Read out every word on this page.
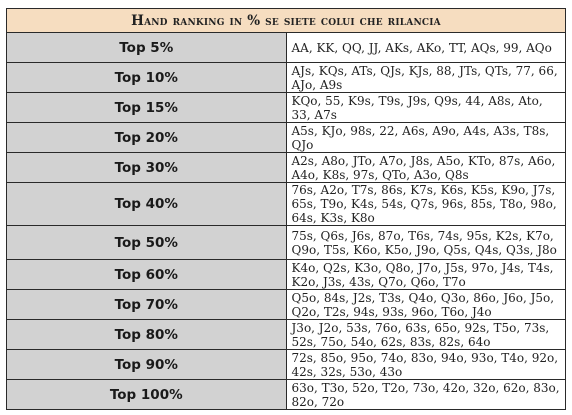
Hand ranking in % se siete colui che rilancia	
Top 5%	AA, KK, QQ, JJ, AKs, AKo, TT, AQs, 99, AQo
Top 10%	AJs, KQs, ATs, QJs, KJs, 88, JTs, QTs, 77, 66, AJo, A9s
Top 15%	KQo, 55, K9s, T9s, J9s, Q9s, 44, A8s, Ato, 33, A7s
Top 20%	A5s, KJo, 98s, 22, A6s, A9o, A4s, A3s, T8s, QJo
Top 30%	A2s, A8o, JTo, A7o, J8s, A5o, KTo, 87s, A6o, A4o, K8s, 97s, QTo, A3o, Q8s
Top 40%	76s, A2o, T7s, 86s, K7s, K6s, K5s, K9o, J7s, 65s, T9o, K4s, 54s, Q7s, 96s, 85s, T8o, 98o, 64s, K3s, K8o
Top 50%	75s, Q6s, J6s, 87o, T6s, 74s, 95s, K2s, K7o, Q9o, T5s, K6o, K5o, J9o, Q5s, Q4s, Q3s, J8o
Top 60%	K4o, Q2s, K3o, Q8o, J7o, J5s, 97o, J4s, T4s, K2o, J3s, 43s, Q7o, Q6o, T7o
Top 70%	Q5o, 84s, J2s, T3s, Q4o, Q3o, 86o, J6o, J5o, Q2o, T2s, 94s, 93s, 96o, T6o, J4o
Top 80%	J3o, J2o, 53s, 76o, 63s, 65o, 92s, T5o, 73s, 52s, 75o, 54o, 62s, 83s, 82s, 64o
Top 90%	72s, 85o, 95o, 74o, 83o, 94o, 93o, T4o, 92o, 42s, 32s, 53o, 43o
Top 100%	63o, T3o, 52o, T2o, 73o, 42o, 32o, 62o, 83o, 82o, 72o
